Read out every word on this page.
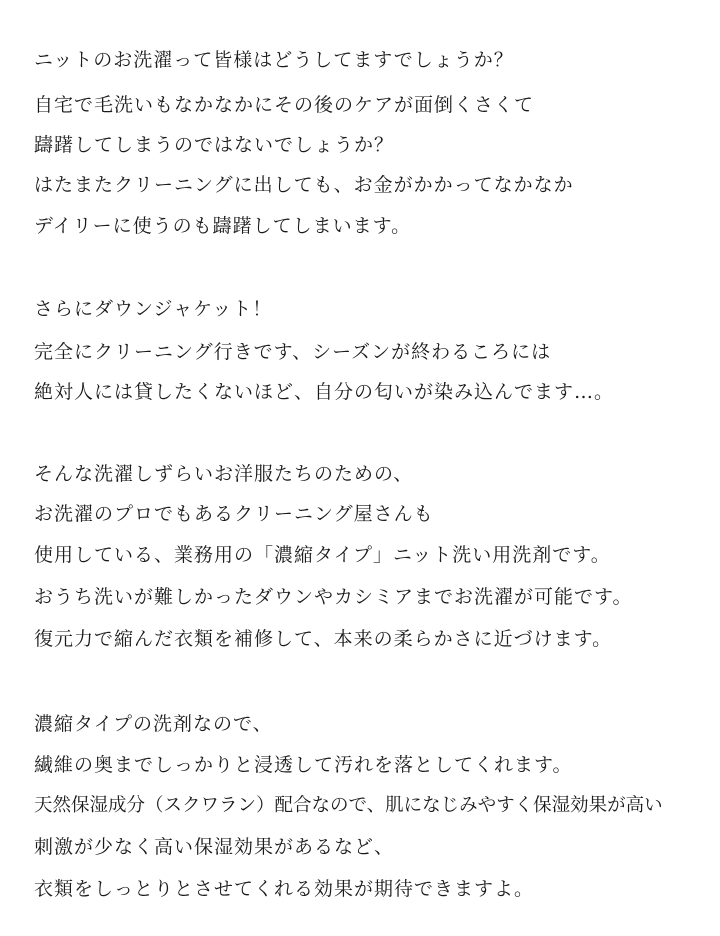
ニットのお洗濯って皆様はどうしてますでしょうか？

自宅で毛洗いもなかなかにその後のケアが面倒くさくて

躊躇してしまうのではないでしょうか？

はたまたクリーニングに出しても、お金がかかってなかなか

デイリーに使うのも躊躇してしまいます。

さらにダウンジャケット！

完全にクリーニング行きです、シーズンが終わるころには

絶対人には貸したくないほど、自分の匂いが染み込んでます…。

そんな洗濯しずらいお洋服たちのための、

お洗濯のプロでもあるクリーニング屋さんも

使用している、業務用の「濃縮タイプ」ニット洗い用洗剤です。

おうち洗いが難しかったダウンやカシミアまでお洗濯が可能です。

復元力で縮んだ衣類を補修して、本来の柔らかさに近づけます。

濃縮タイプの洗剤なので、

繊維の奥までしっかりと浸透して汚れを落としてくれます。

天然保湿成分（スクワラン）配合なので、肌になじみやすく保湿効果が高い

刺激が少なく高い保湿効果があるなど、

衣類をしっとりとさせてくれる効果が期待できますよ。
